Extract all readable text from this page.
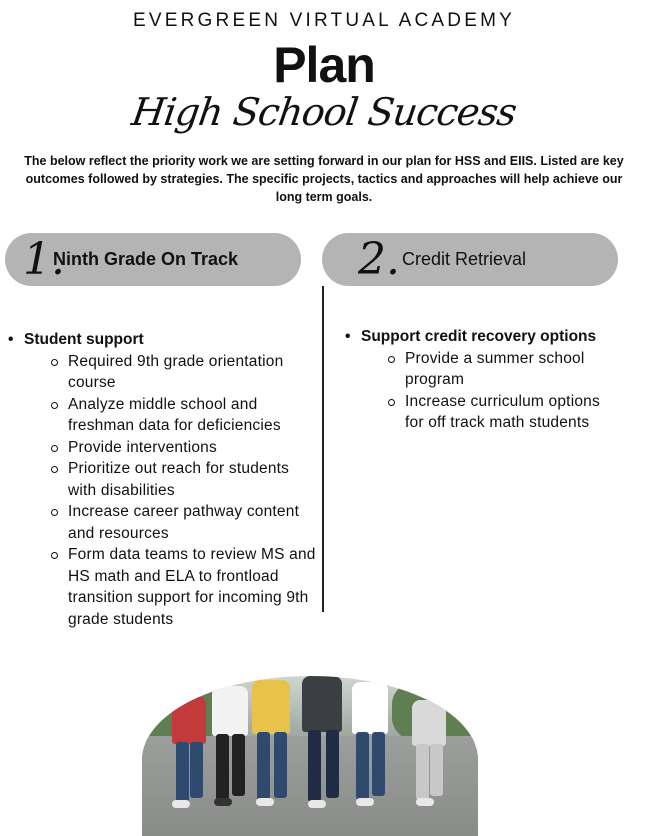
EVERGREEN VIRTUAL ACADEMY
Plan
High School Success
The below reflect the priority work we are setting forward in our plan for HSS and EIIS. Listed are key outcomes followed by strategies. The specific projects, tactics and approaches will help achieve our long term goals.
1.
Ninth Grade On Track	2. Credit Retrieval
• Student support
Required 9th grade orientation course
Analyze middle school and freshman data for deficiencies
Provide interventions
Prioritize out reach for students with disabilities
Increase career pathway content and resources
Form data teams to review MS and HS math and ELA to frontload transition support for incoming 9th grade students
• Support credit recovery options
Provide a summer school program
Increase curriculum options for off track math students
